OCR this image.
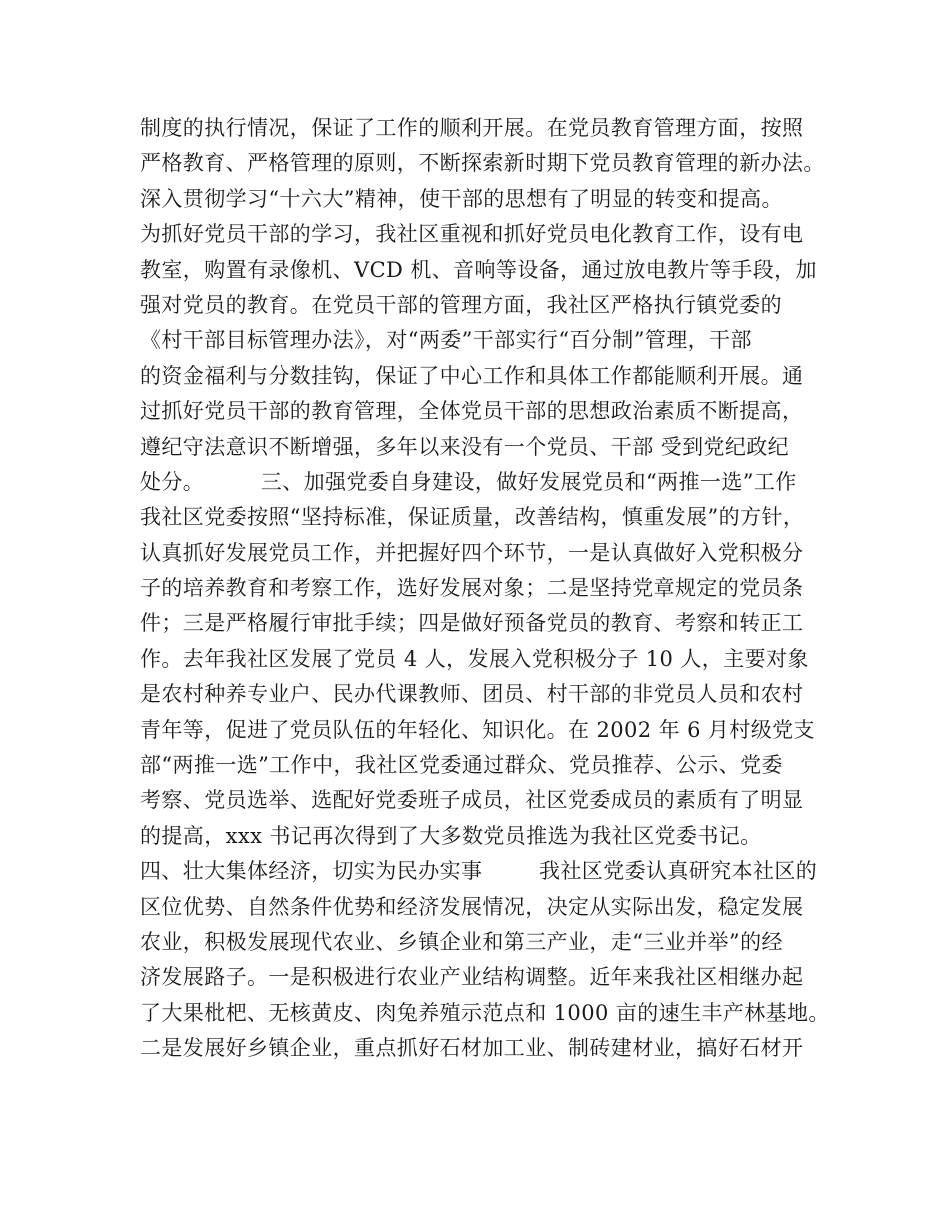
制度的执行情况，保证了工作的顺利开展。在党员教育管理方面，按照
严格教育、严格管理的原则，不断探索新时期下党员教育管理的新办法。
深入贯彻学习“十六大”精神，使干部的思想有了明显的转变和提高。
为抓好党员干部的学习，我社区重视和抓好党员电化教育工作，设有电
教室，购置有录像机、VCD 机、音响等设备，通过放电教片等手段，加
强对党员的教育。在党员干部的管理方面，我社区严格执行镇党委的
《村干部目标管理办法》，对“两委”干部实行“百分制”管理，干部
的资金福利与分数挂钩，保证了中心工作和具体工作都能顺利开展。通
过抓好党员干部的教育管理，全体党员干部的思想政治素质不断提高，
遵纪守法意识不断增强，多年以来没有一个党员、干部 受到党纪政纪
处分。        三、加强党委自身建设，做好发展党员和“两推一选”工作
我社区党委按照“坚持标准，保证质量，改善结构，慎重发展”的方针，
认真抓好发展党员工作，并把握好四个环节，一是认真做好入党积极分
子的培养教育和考察工作，选好发展对象；二是坚持党章规定的党员条
件；三是严格履行审批手续；四是做好预备党员的教育、考察和转正工
作。去年我社区发展了党员 4 人，发展入党积极分子 10 人，主要对象
是农村种养专业户、民办代课教师、团员、村干部的非党员人员和农村
青年等，促进了党员队伍的年轻化、知识化。在 2002 年 6 月村级党支
部“两推一选”工作中，我社区党委通过群众、党员推荐、公示、党委
考察、党员选举、选配好党委班子成员，社区党委成员的素质有了明显
的提高，xxx 书记再次得到了大多数党员推选为我社区党委书记。
四、壮大集体经济，切实为民办实事        我社区党委认真研究本社区的
区位优势、自然条件优势和经济发展情况，决定从实际出发，稳定发展
农业，积极发展现代农业、乡镇企业和第三产业，走“三业并举”的经
济发展路子。一是积极进行农业产业结构调整。近年来我社区相继办起
了大果枇杷、无核黄皮、肉兔养殖示范点和 1000 亩的速生丰产林基地。
二是发展好乡镇企业，重点抓好石材加工业、制砖建材业，搞好石材开
